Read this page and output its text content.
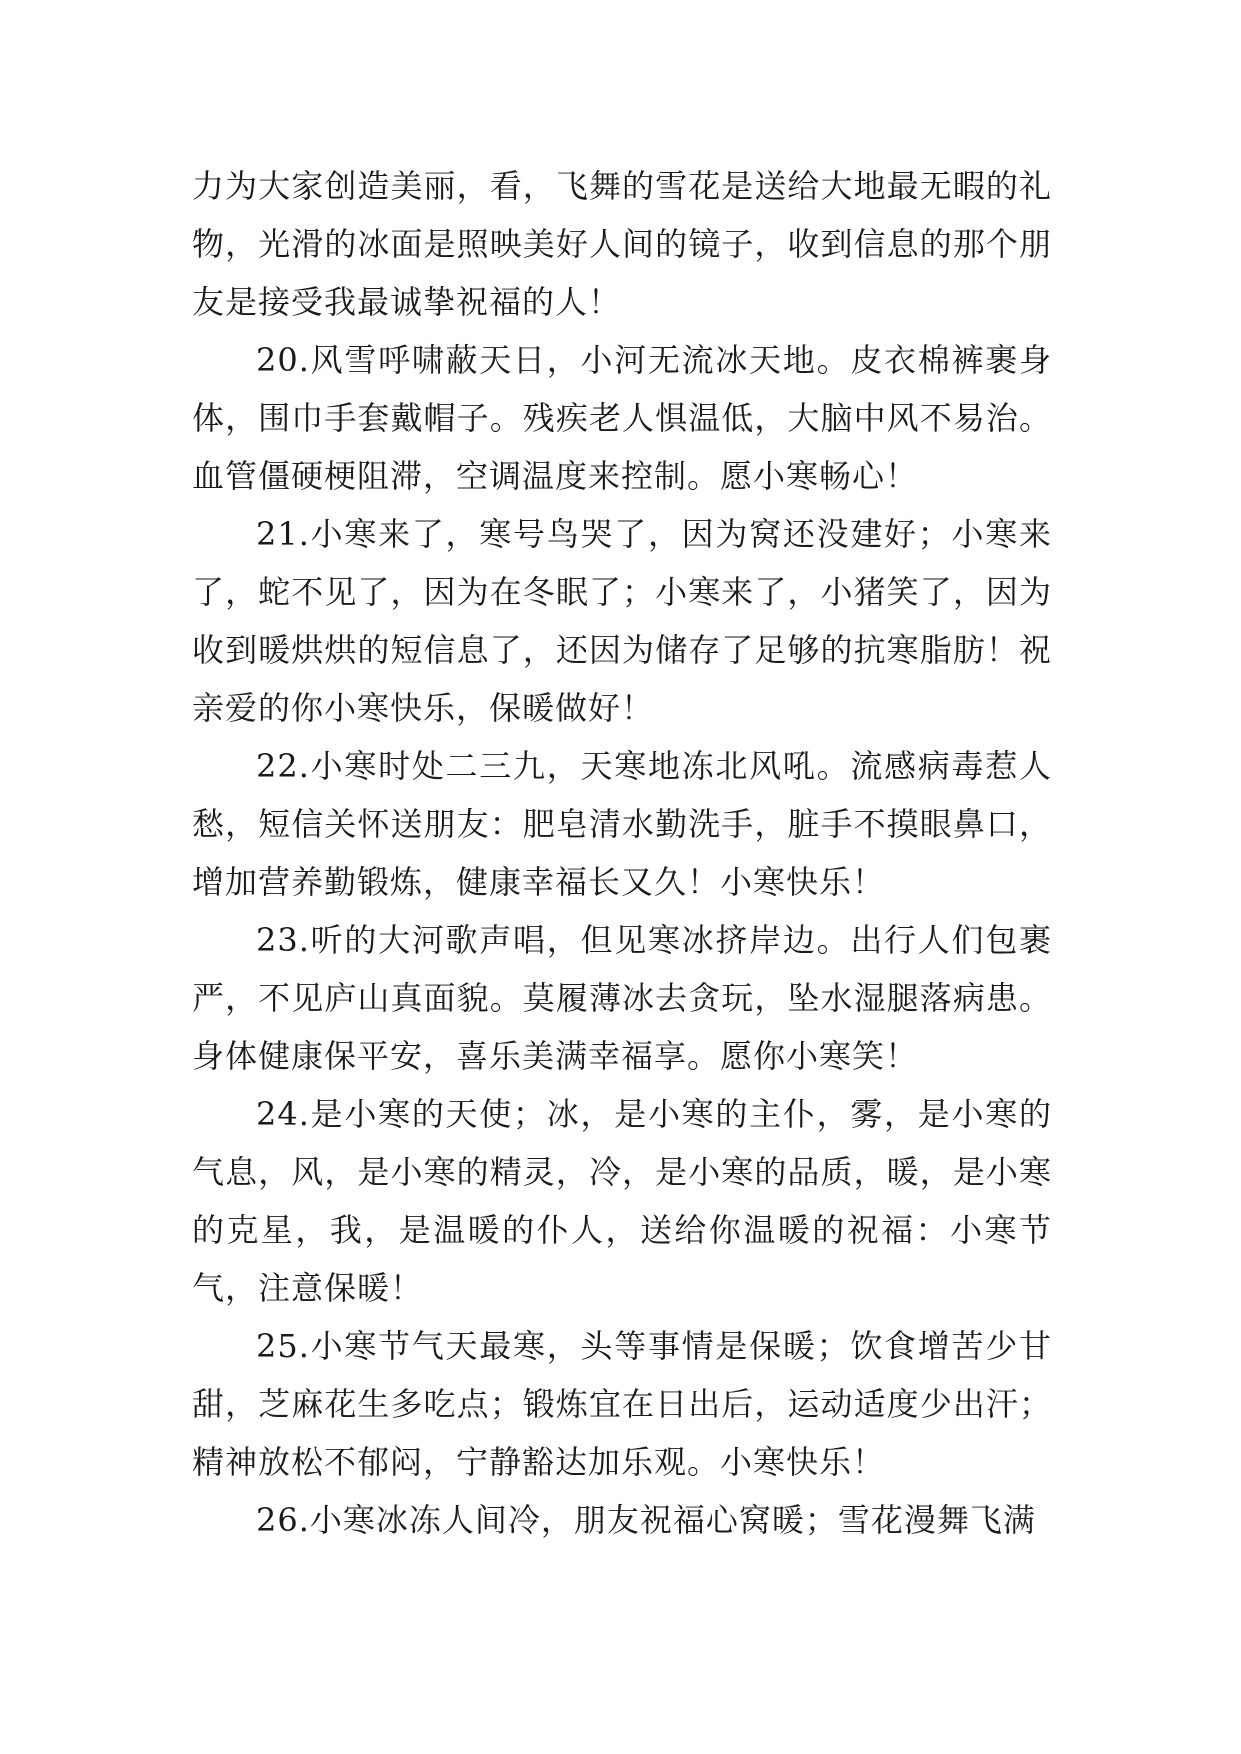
力为大家创造美丽，看，飞舞的雪花是送给大地最无暇的礼物，光滑的冰面是照映美好人间的镜子，收到信息的那个朋友是接受我最诚挚祝福的人！

20.风雪呼啸蔽天日，小河无流冰天地。皮衣棉裤裹身体，围巾手套戴帽子。残疾老人惧温低，大脑中风不易治。血管僵硬梗阻滞，空调温度来控制。愿小寒畅心！

21.小寒来了，寒号鸟哭了，因为窝还没建好；小寒来了，蛇不见了，因为在冬眠了；小寒来了，小猪笑了，因为收到暖烘烘的短信息了，还因为储存了足够的抗寒脂肪！祝亲爱的你小寒快乐，保暖做好！

22.小寒时处二三九，天寒地冻北风吼。流感病毒惹人愁，短信关怀送朋友：肥皂清水勤洗手，脏手不摸眼鼻口，增加营养勤锻炼，健康幸福长又久！小寒快乐！

23.听的大河歌声唱，但见寒冰挤岸边。出行人们包裹严，不见庐山真面貌。莫履薄冰去贪玩，坠水湿腿落病患。身体健康保平安，喜乐美满幸福享。愿你小寒笑！

24.是小寒的天使；冰，是小寒的主仆，雾，是小寒的气息，风，是小寒的精灵，冷，是小寒的品质，暖，是小寒的克星，我，是温暖的仆人，送给你温暖的祝福：小寒节气，注意保暖！

25.小寒节气天最寒，头等事情是保暖；饮食增苦少甘甜，芝麻花生多吃点；锻炼宜在日出后，运动适度少出汗；精神放松不郁闷，宁静豁达加乐观。小寒快乐！

26.小寒冰冻人间冷，朋友祝福心窝暖；雪花漫舞飞满
